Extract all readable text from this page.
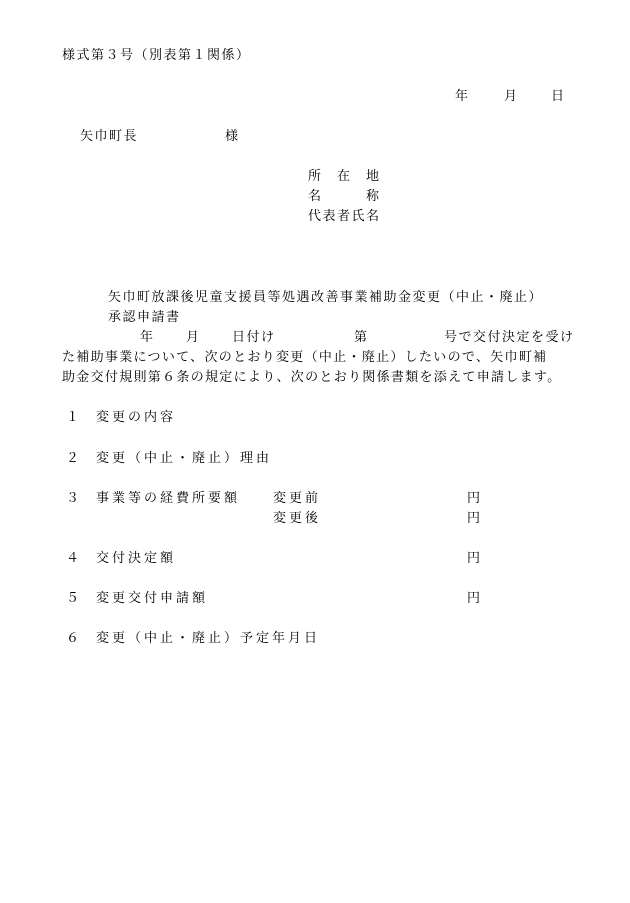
様式第３号（別表第１関係）
年	月 日
矢巾町長	様
所　在　地
名　　　称
代表者氏名
矢巾町放課後児童支援員等処遇改善事業補助金変更（中止・廃止）
承認申請書
年 月 日付け	第	号で交付決定を受け
た補助事業について、次のとおり変更（中止・廃止）したいので、矢巾町補
助金交付規則第６条の規定により、次のとおり関係書類を添えて申請します。
１ 変更の内容
２ 変更（中止・廃止）理由
３ 事業等の経費所要額	変更前	円
変更後	円
４ 交付決定額	円
５ 変更交付申請額	円
６ 変更（中止・廃止）予定年月日
